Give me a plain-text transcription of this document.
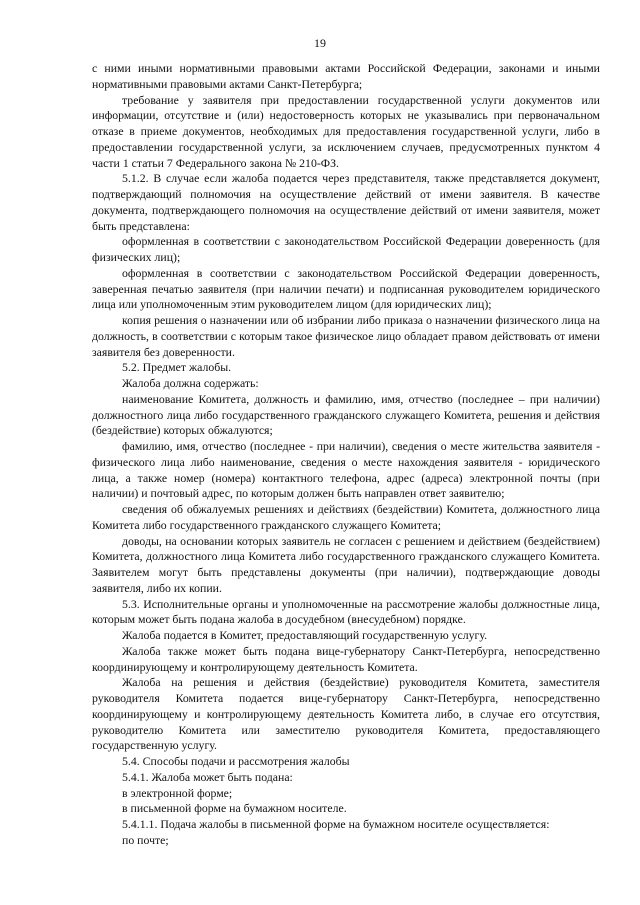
19

с ними иными нормативными правовыми актами Российской Федерации, законами и иными нормативными правовыми актами Санкт-Петербурга;

требование у заявителя при предоставлении государственной услуги документов или информации, отсутствие и (или) недостоверность которых не указывались при первоначальном отказе в приеме документов, необходимых для предоставления государственной услуги, либо в предоставлении государственной услуги, за исключением случаев, предусмотренных пунктом 4 части 1 статьи 7 Федерального закона № 210-ФЗ.

5.1.2. В случае если жалоба подается через представителя, также представляется документ, подтверждающий полномочия на осуществление действий от имени заявителя. В качестве документа, подтверждающего полномочия на осуществление действий от имени заявителя, может быть представлена:

оформленная в соответствии с законодательством Российской Федерации доверенность (для физических лиц);

оформленная в соответствии с законодательством Российской Федерации доверенность, заверенная печатью заявителя (при наличии печати) и подписанная руководителем юридического лица или уполномоченным этим руководителем лицом (для юридических лиц);

копия решения о назначении или об избрании либо приказа о назначении физического лица на должность, в соответствии с которым такое физическое лицо обладает правом действовать от имени заявителя без доверенности.

5.2. Предмет жалобы.

Жалоба должна содержать:

наименование Комитета, должность и фамилию, имя, отчество (последнее – при наличии) должностного лица либо государственного гражданского служащего Комитета, решения и действия (бездействие) которых обжалуются;

фамилию, имя, отчество (последнее - при наличии), сведения о месте жительства заявителя - физического лица либо наименование, сведения о месте нахождения заявителя - юридического лица, а также номер (номера) контактного телефона, адрес (адреса) электронной почты (при наличии) и почтовый адрес, по которым должен быть направлен ответ заявителю;

сведения об обжалуемых решениях и действиях (бездействии) Комитета, должностного лица Комитета либо государственного гражданского служащего Комитета;

доводы, на основании которых заявитель не согласен с решением и действием (бездействием) Комитета, должностного лица Комитета либо государственного гражданского служащего Комитета. Заявителем могут быть представлены документы (при наличии), подтверждающие доводы заявителя, либо их копии.

5.3. Исполнительные органы и уполномоченные на рассмотрение жалобы должностные лица, которым может быть подана жалоба в досудебном (внесудебном) порядке.

Жалоба подается в Комитет, предоставляющий государственную услугу.

Жалоба также может быть подана вице-губернатору Санкт-Петербурга, непосредственно координирующему и контролирующему деятельность Комитета.

Жалоба на решения и действия (бездействие) руководителя Комитета, заместителя руководителя Комитета подается вице-губернатору Санкт-Петербурга, непосредственно координирующему и контролирующему деятельность Комитета либо, в случае его отсутствия, руководителю Комитета или заместителю руководителя Комитета, предоставляющего государственную услугу.

5.4. Способы подачи и рассмотрения жалобы

5.4.1. Жалоба может быть подана:

в электронной форме;

в письменной форме на бумажном носителе.

5.4.1.1. Подача жалобы в письменной форме на бумажном носителе осуществляется:

по почте;
